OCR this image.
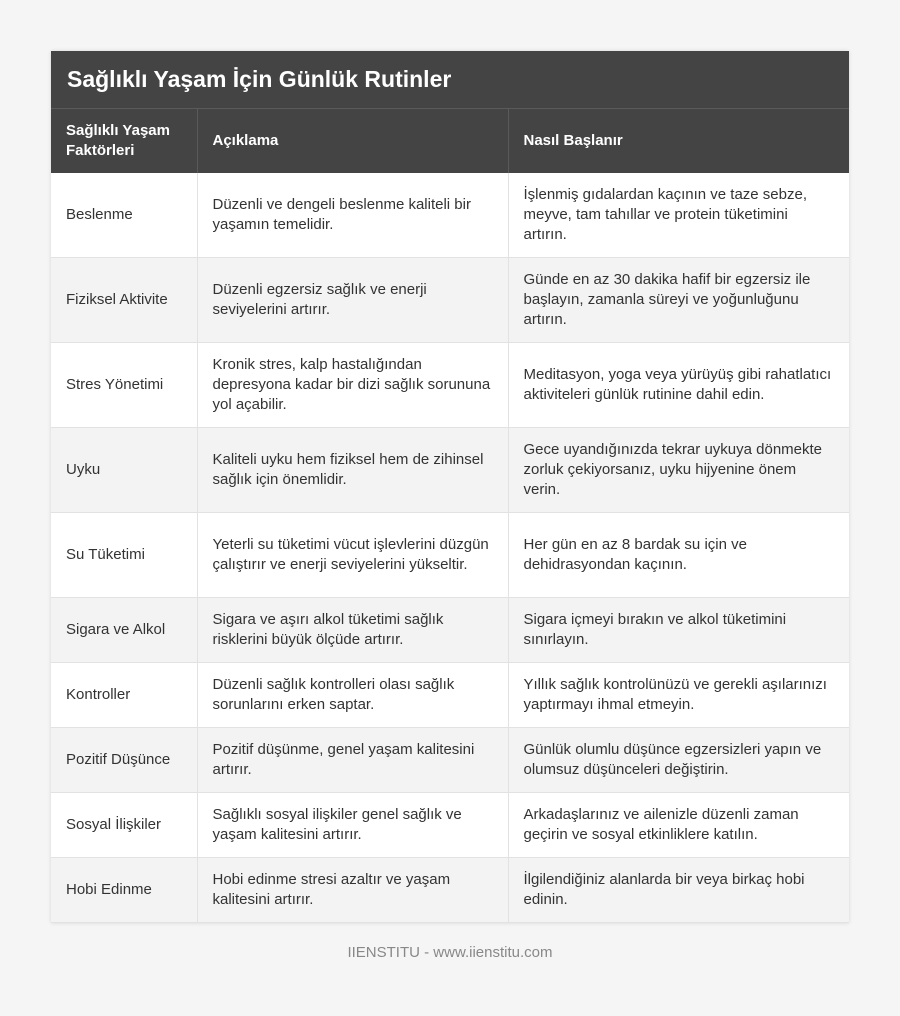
Sağlıklı Yaşam İçin Günlük Rutinler
Sağlıklı Yaşam Faktörleri	Açıklama	Nasıl Başlanır
Beslenme	Düzenli ve dengeli beslenme kaliteli bir yaşamın temelidir.	İşlenmiş gıdalardan kaçının ve taze sebze, meyve, tam tahıllar ve protein tüketimini artırın.
Fiziksel Aktivite	Düzenli egzersiz sağlık ve enerji seviyelerini artırır.	Günde en az 30 dakika hafif bir egzersiz ile başlayın, zamanla süreyi ve yoğunluğunu artırın.
Stres Yönetimi	Kronik stres, kalp hastalığından depresyona kadar bir dizi sağlık sorununa yol açabilir.	Meditasyon, yoga veya yürüyüş gibi rahatlatıcı aktiviteleri günlük rutinine dahil edin.
Uyku	Kaliteli uyku hem fiziksel hem de zihinsel sağlık için önemlidir.	Gece uyandığınızda tekrar uykuya dönmekte zorluk çekiyorsanız, uyku hijyenine önem verin.
Su Tüketimi	Yeterli su tüketimi vücut işlevlerini düzgün çalıştırır ve enerji seviyelerini yükseltir.	Her gün en az 8 bardak su için ve dehidrasyondan kaçının.
Sigara ve Alkol	Sigara ve aşırı alkol tüketimi sağlık risklerini büyük ölçüde artırır.	Sigara içmeyi bırakın ve alkol tüketimini sınırlayın.
Kontroller	Düzenli sağlık kontrolleri olası sağlık sorunlarını erken saptar.	Yıllık sağlık kontrolünüzü ve gerekli aşılarınızı yaptırmayı ihmal etmeyin.
Pozitif Düşünce	Pozitif düşünme, genel yaşam kalitesini artırır.	Günlük olumlu düşünce egzersizleri yapın ve olumsuz düşünceleri değiştirin.
Sosyal İlişkiler	Sağlıklı sosyal ilişkiler genel sağlık ve yaşam kalitesini artırır.	Arkadaşlarınız ve ailenizle düzenli zaman geçirin ve sosyal etkinliklere katılın.
Hobi Edinme	Hobi edinme stresi azaltır ve yaşam kalitesini artırır.	İlgilendiğiniz alanlarda bir veya birkaç hobi edinin.
IIENSTITU - www.iienstitu.com
